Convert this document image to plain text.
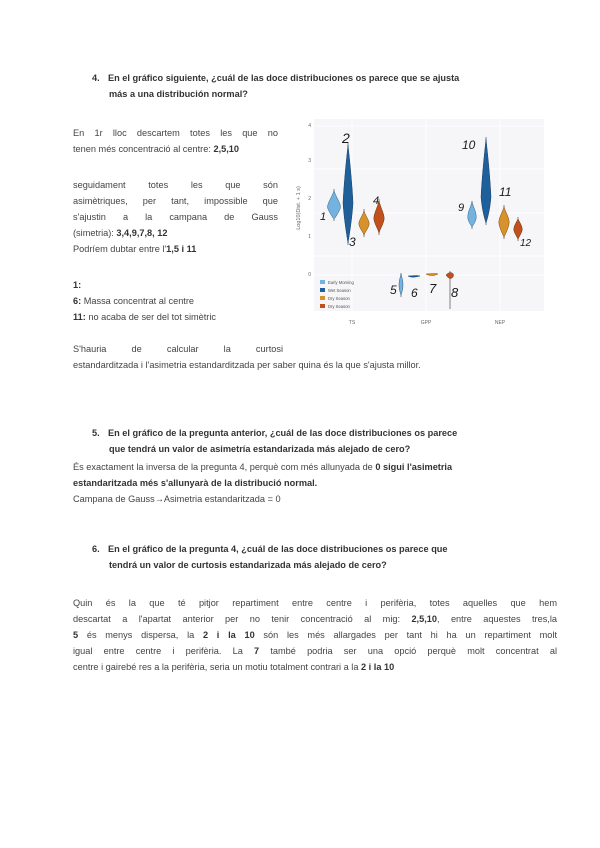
4. En el gráfico siguiente, ¿cuál de las doce distribuciones os parece que se ajusta
más a una distribución normal?
En 1r lloc descartem totes les que no
tenen més concentració al centre: 2,5,10
seguidament totes les que són
asimètriques, per tant, impossible que
s'ajustin a la campana de Gauss
(simetria): 3,4,9,7,8, 12
Podríem dubtar entre l'1,5 i 11
1:
6: Massa concentrat al centre
11: no acaba de ser del tot simètric
S'hauria de calcular la curtosi
estandarditzada i l'asimetria estandarditzada per saber quina és la que s'ajusta millor.
4
3
2
1
0
Log10(Dist. + 1 s)
TS	GPP	NEP
Early Morning
Wet Season
Dry Season
Dry Season
1
2
3
4
5 6 7 8
9
10
11
12
5. En el gráfico de la pregunta anterior, ¿cuál de las doce distribuciones os parece
que tendrá un valor de asimetría estandarizada más alejado de cero?
És exactament la inversa de la pregunta 4, perquè com més allunyada de 0 sigui l'asimetria
estandaritzada més s'allunyarà de la distribució normal.
Campana de Gauss→Asimetria estandaritzada = 0
6. En el gráfico de la pregunta 4, ¿cuál de las doce distribuciones os parece que
tendrá un valor de curtosis estandarizada más alejado de cero?
Quin és la que té pitjor repartiment entre centre i perifèria, totes aquelles que hem
descartat a l'apartat anterior per no tenir concentració al mig: 2,5,10, entre aquestes tres,la
5 és menys dispersa, la 2 i la 10 són les més allargades per tant hi ha un repartiment molt
igual entre centre i perifèria. La 7 també podria ser una opció perquè molt concentrat al
centre i gairebé res a la perifèria, seria un motiu totalment contrari a la 2 i la 10
